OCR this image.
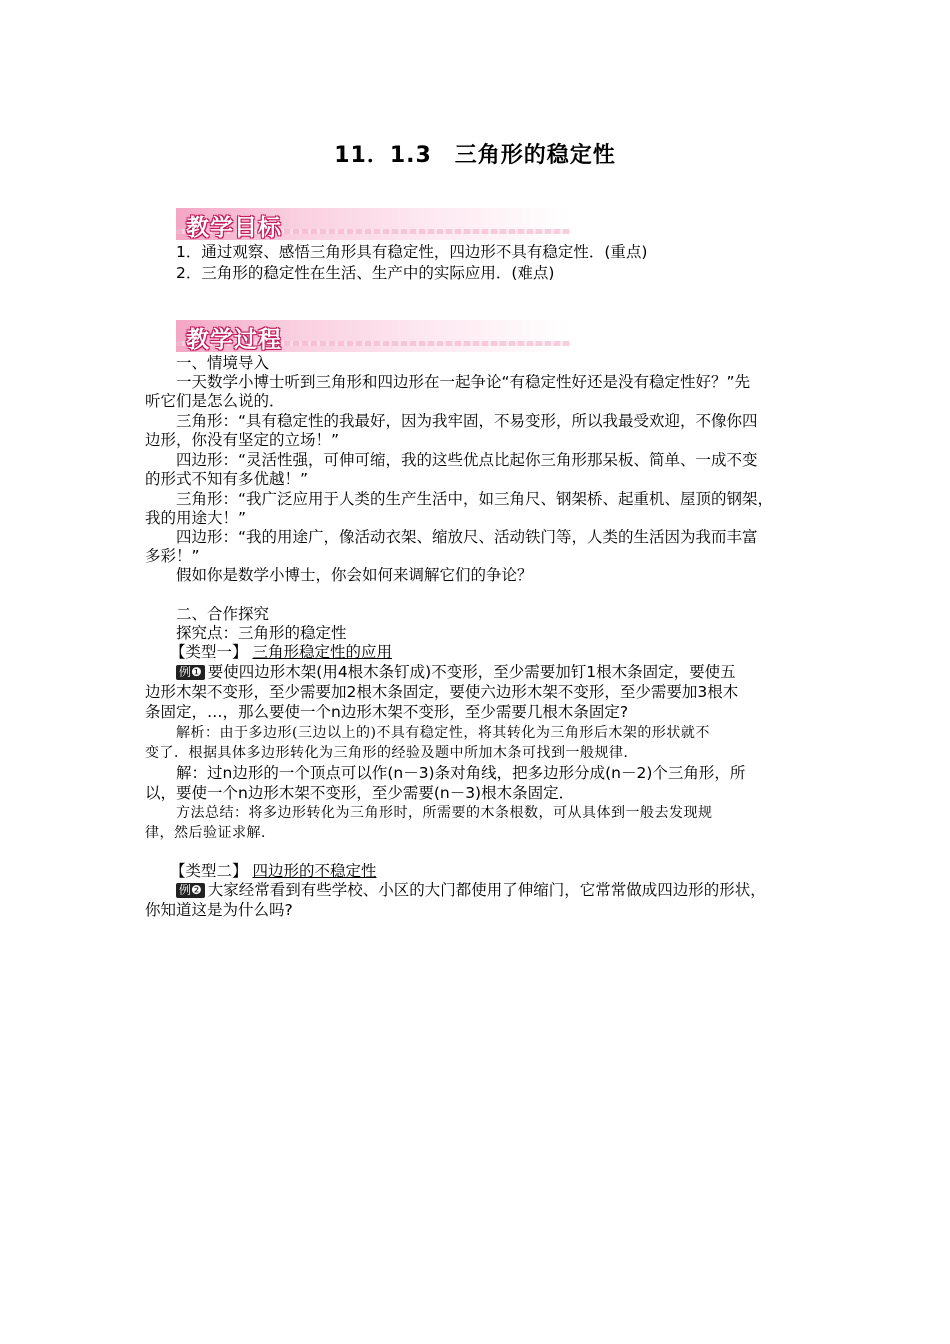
11．1.3　三角形的稳定性
教学目标
1．通过观察、感悟三角形具有稳定性，四边形不具有稳定性．(重点)
2．三角形的稳定性在生活、生产中的实际应用．(难点)
教学过程
一、情境导入
一天数学小博士听到三角形和四边形在一起争论“有稳定性好还是没有稳定性好？”先
听它们是怎么说的．
三角形：“具有稳定性的我最好，因为我牢固，不易变形，所以我最受欢迎，不像你四
边形，你没有坚定的立场！”
四边形：“灵活性强，可伸可缩，我的这些优点比起你三角形那呆板、简单、一成不变
的形式不知有多优越！”
三角形：“我广泛应用于人类的生产生活中，如三角尺、钢架桥、起重机、屋顶的钢架，
我的用途大！”
四边形：“我的用途广，像活动衣架、缩放尺、活动铁门等，人类的生活因为我而丰富
多彩！”
假如你是数学小博士，你会如何来调解它们的争论？
二、合作探究
探究点：三角形的稳定性
【类型一】 三角形稳定性的应用
例❶ 要使四边形木架(用4根木条钉成)不变形，至少需要加钉1根木条固定，要使五
边形木架不变形，至少需要加2根木条固定，要使六边形木架不变形，至少需要加3根木
条固定，…，那么要使一个n边形木架不变形，至少需要几根木条固定?
解析：由于多边形(三边以上的)不具有稳定性，将其转化为三角形后木架的形状就不
变了．根据具体多边形转化为三角形的经验及题中所加木条可找到一般规律．
解：过n边形的一个顶点可以作(n－3)条对角线，把多边形分成(n－2)个三角形，所
以，要使一个n边形木架不变形，至少需要(n－3)根木条固定．
方法总结：将多边形转化为三角形时，所需要的木条根数，可从具体到一般去发现规
律，然后验证求解．
【类型二】 四边形的不稳定性
例❷ 大家经常看到有些学校、小区的大门都使用了伸缩门，它常常做成四边形的形状，
你知道这是为什么吗?
